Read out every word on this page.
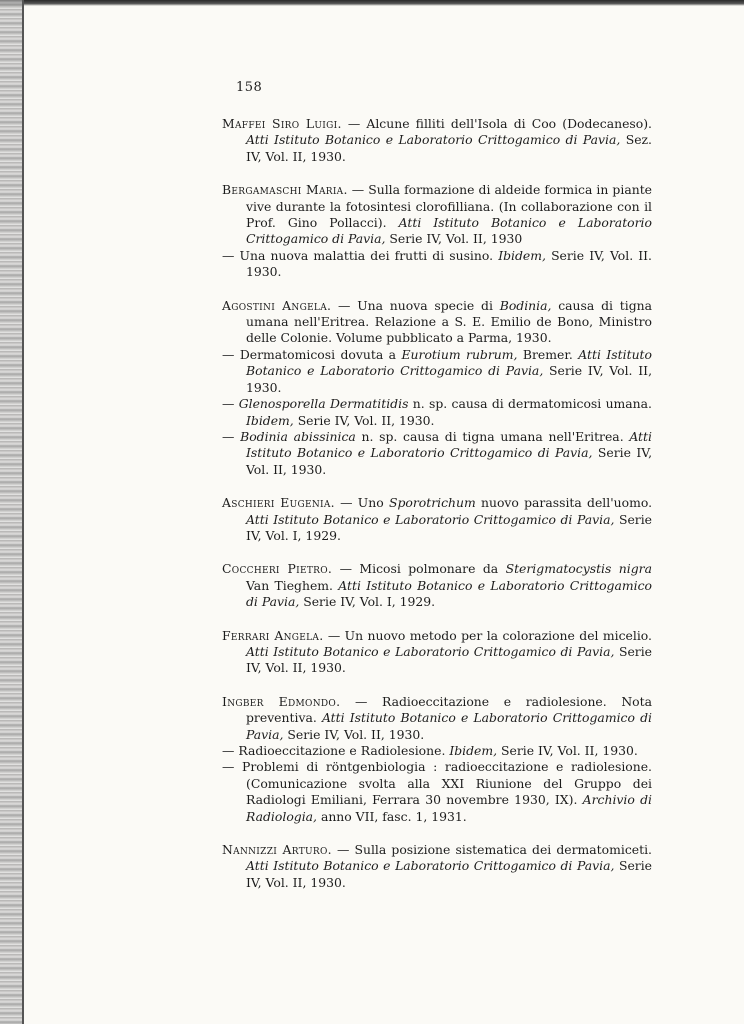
158
Maffei Siro Luigi. — Alcune filliti dell'Isola di Coo (Dodecaneso). Atti Istituto Botanico e Laboratorio Crittogamico di Pavia, Sez. IV, Vol. II, 1930.
Bergamaschi Maria. — Sulla formazione di aldeide formica in piante vive durante la fotosintesi clorofilliana. (In collaborazione con il Prof. Gino Pollacci). Atti Istituto Botanico e Laboratorio Crittogamico di Pavia, Serie IV, Vol. II, 1930
— Una nuova malattia dei frutti di susino. Ibidem, Serie IV, Vol. II. 1930.
Agostini Angela. — Una nuova specie di Bodinia, causa di tigna umana nell'Eritrea. Relazione a S. E. Emilio de Bono, Ministro delle Colonie. Volume pubblicato a Parma, 1930.
— Dermatomicosi dovuta a Eurotium rubrum, Bremer. Atti Istituto Botanico e Laboratorio Crittogamico di Pavia, Serie IV, Vol. II, 1930.
— Glenosporella Dermatitidis n. sp. causa di dermatomicosi umana. Ibidem, Serie IV, Vol. II, 1930.
— Bodinia abissinica n. sp. causa di tigna umana nell'Eritrea. Atti Istituto Botanico e Laboratorio Crittogamico di Pavia, Serie IV, Vol. II, 1930.
Aschieri Eugenia. — Uno Sporotrichum nuovo parassita dell'uomo. Atti Istituto Botanico e Laboratorio Crittogamico di Pavia, Serie IV, Vol. I, 1929.
Coccheri Pietro. — Micosi polmonare da Sterigmatocystis nigra Van Tieghem. Atti Istituto Botanico e Laboratorio Crittogamico di Pavia, Serie IV, Vol. I, 1929.
Ferrari Angela. — Un nuovo metodo per la colorazione del micelio. Atti Istituto Botanico e Laboratorio Crittogamico di Pavia, Serie IV, Vol. II, 1930.
Ingber Edmondo. — Radioeccitazione e radiolesione. Nota preventiva. Atti Istituto Botanico e Laboratorio Crittogamico di Pavia, Serie IV, Vol. II, 1930.
— Radioeccitazione e Radiolesione. Ibidem, Serie IV, Vol. II, 1930.
— Problemi di röntgenbiologia : radioeccitazione e radiolesione. (Comunicazione svolta alla XXI Riunione del Gruppo dei Radiologi Emiliani, Ferrara 30 novembre 1930, IX). Archivio di Radiologia, anno VII, fasc. 1, 1931.
Nannizzi Arturo. — Sulla posizione sistematica dei dermatomiceti. Atti Istituto Botanico e Laboratorio Crittogamico di Pavia, Serie IV, Vol. II, 1930.
